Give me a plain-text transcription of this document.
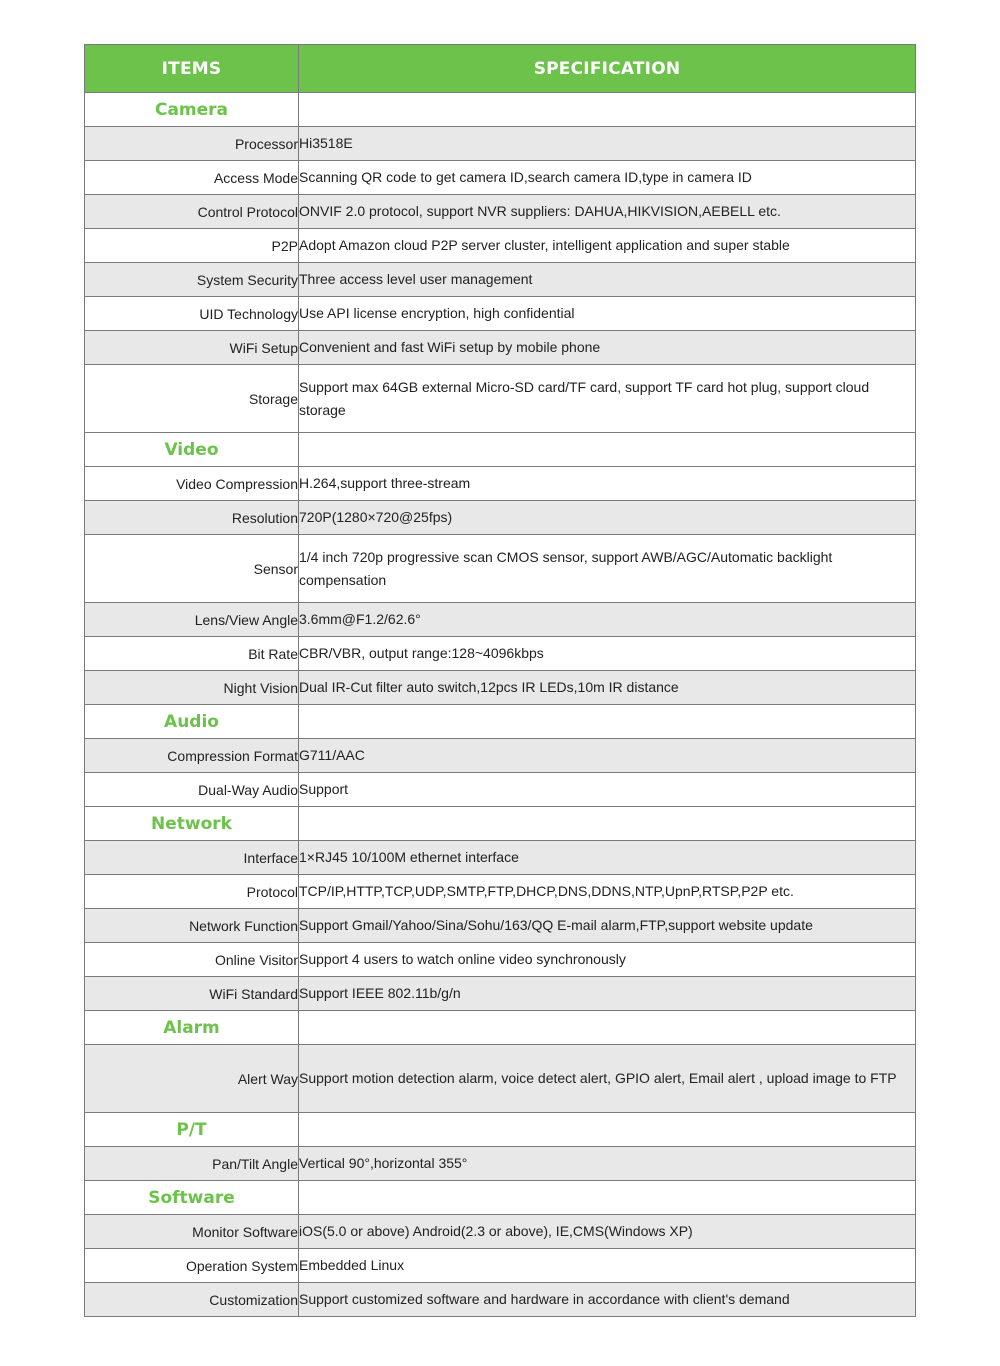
ITEMS	SPECIFICATION
Camera	
Processor	Hi3518E
Access Mode	Scanning QR code to get camera ID,search camera ID,type in camera ID
Control Protocol	ONVIF 2.0 protocol, support NVR suppliers: DAHUA,HIKVISION,AEBELL etc.
P2P	Adopt Amazon cloud P2P server cluster, intelligent application and super stable
System Security	Three access level user management
UID Technology	Use API license encryption, high confidential
WiFi Setup	Convenient and fast WiFi setup by mobile phone
Storage	Support max 64GB external Micro-SD card/TF card, support TF card hot plug, support cloud storage
Video	
Video Compression	H.264,support three-stream
Resolution	720P(1280×720@25fps)
Sensor	1/4 inch 720p progressive scan CMOS sensor, support AWB/AGC/Automatic backlight compensation
Lens/View Angle	3.6mm@F1.2/62.6°
Bit Rate	CBR/VBR, output range:128~4096kbps
Night Vision	Dual IR-Cut filter auto switch,12pcs IR LEDs,10m IR distance
Audio	
Compression Format	G711/AAC
Dual-Way Audio	Support
Network	
Interface	1×RJ45 10/100M ethernet interface
Protocol	TCP/IP,HTTP,TCP,UDP,SMTP,FTP,DHCP,DNS,DDNS,NTP,UpnP,RTSP,P2P etc.
Network Function	Support Gmail/Yahoo/Sina/Sohu/163/QQ E-mail alarm,FTP,support website update
Online Visitor	Support 4 users to watch online video synchronously
WiFi Standard	Support IEEE 802.11b/g/n
Alarm	
Alert Way	Support motion detection alarm, voice detect alert, GPIO alert, Email alert , upload image to FTP
P/T	
Pan/Tilt Angle	Vertical 90°,horizontal 355°
Software	
Monitor Software	iOS(5.0 or above) Android(2.3 or above), IE,CMS(Windows XP)
Operation System	Embedded Linux
Customization	Support customized software and hardware in accordance with client's demand
